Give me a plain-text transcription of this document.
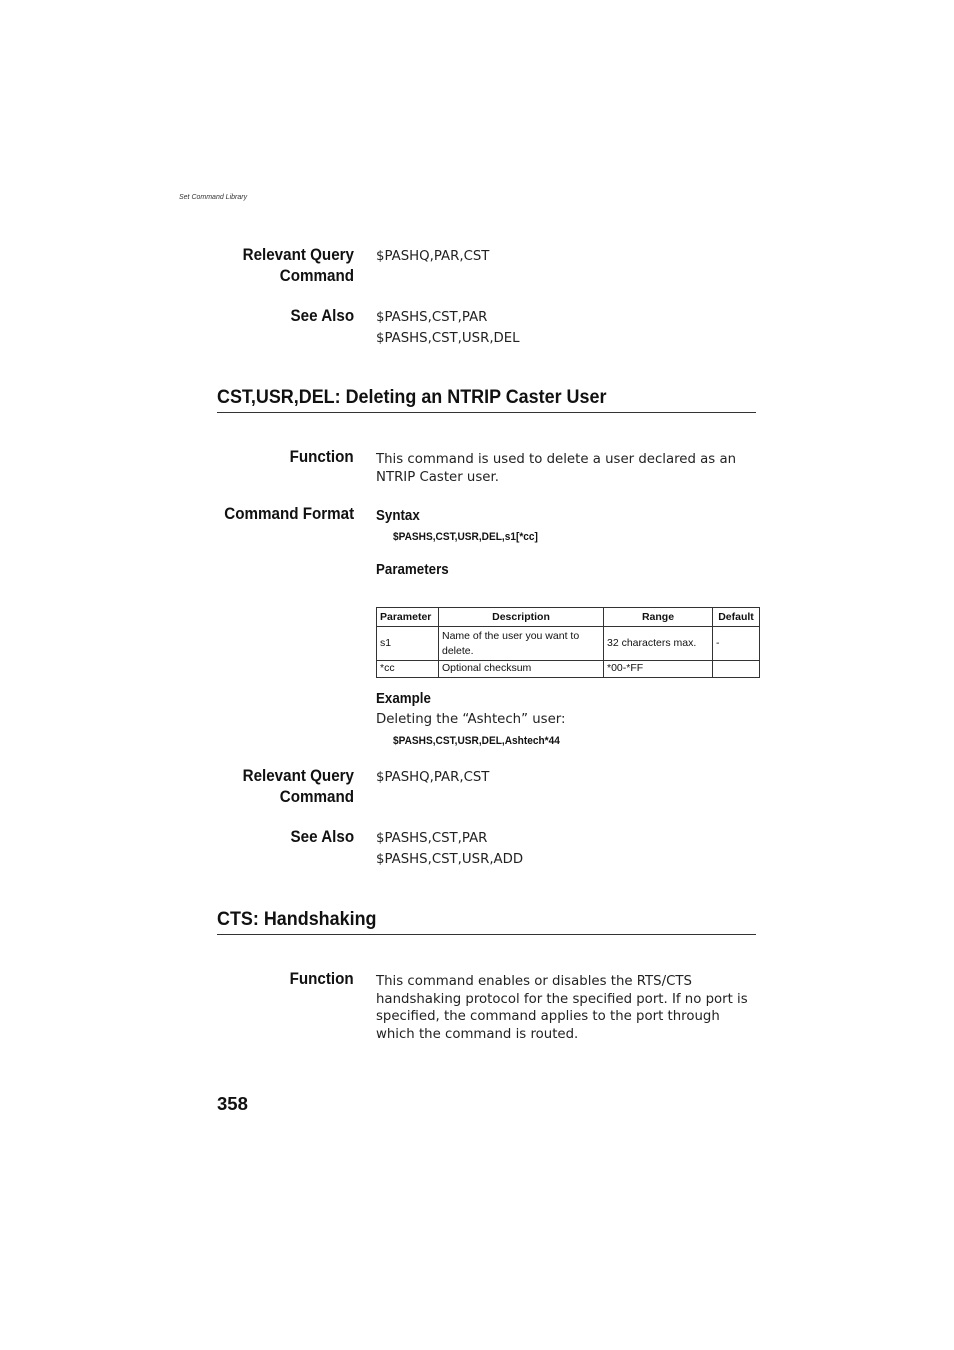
Set Command Library
Relevant Query Command
$PASHQ,PAR,CST
See Also $PASHS,CST,PAR
$PASHS,CST,USR,DEL
CST,USR,DEL: Deleting an NTRIP Caster User
Function This command is used to delete a user declared as an NTRIP Caster user.
Command Format Syntax
$PASHS,CST,USR,DEL,s1[*cc]
Parameters
Parameter	Description	Range	Default
s1	Name of the user you want to delete.	32 characters max.	-
*cc	Optional checksum	*00-*FF	
Example
Deleting the “Ashtech” user:
$PASHS,CST,USR,DEL,Ashtech*44
Relevant Query Command
$PASHQ,PAR,CST
See Also $PASHS,CST,PAR
$PASHS,CST,USR,ADD
CTS: Handshaking
Function This command enables or disables the RTS/CTS handshaking protocol for the specified port. If no port is specified, the command applies to the port through which the command is routed.
358
